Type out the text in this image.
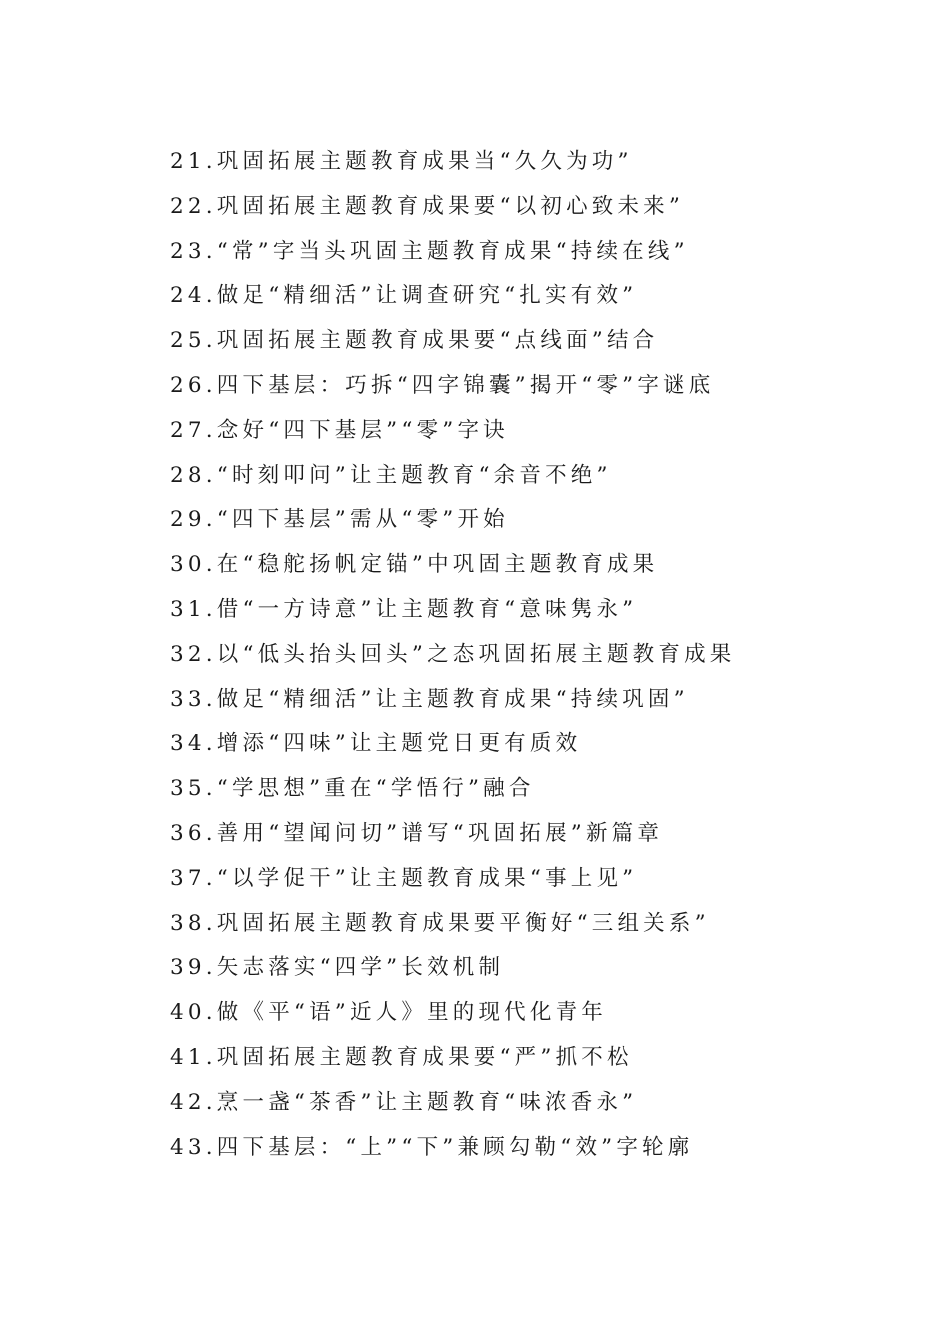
21.巩固拓展主题教育成果当“久久为功”
22.巩固拓展主题教育成果要“以初心致未来”
23.“常”字当头巩固主题教育成果“持续在线”
24.做足“精细活”让调查研究“扎实有效”
25.巩固拓展主题教育成果要“点线面”结合
26.四下基层：巧拆“四字锦囊”揭开“零”字谜底
27.念好“四下基层”“零”字诀
28.“时刻叩问”让主题教育“余音不绝”
29.“四下基层”需从“零”开始
30.在“稳舵扬帆定锚”中巩固主题教育成果
31.借“一方诗意”让主题教育“意味隽永”
32.以“低头抬头回头”之态巩固拓展主题教育成果
33.做足“精细活”让主题教育成果“持续巩固”
34.增添“四味”让主题党日更有质效
35.“学思想”重在“学悟行”融合
36.善用“望闻问切”谱写“巩固拓展”新篇章
37.“以学促干”让主题教育成果“事上见”
38.巩固拓展主题教育成果要平衡好“三组关系”
39.矢志落实“四学”长效机制
40.做《平“语”近人》里的现代化青年
41.巩固拓展主题教育成果要“严”抓不松
42.烹一盏“茶香”让主题教育“味浓香永”
43.四下基层：“上”“下”兼顾勾勒“效”字轮廓
